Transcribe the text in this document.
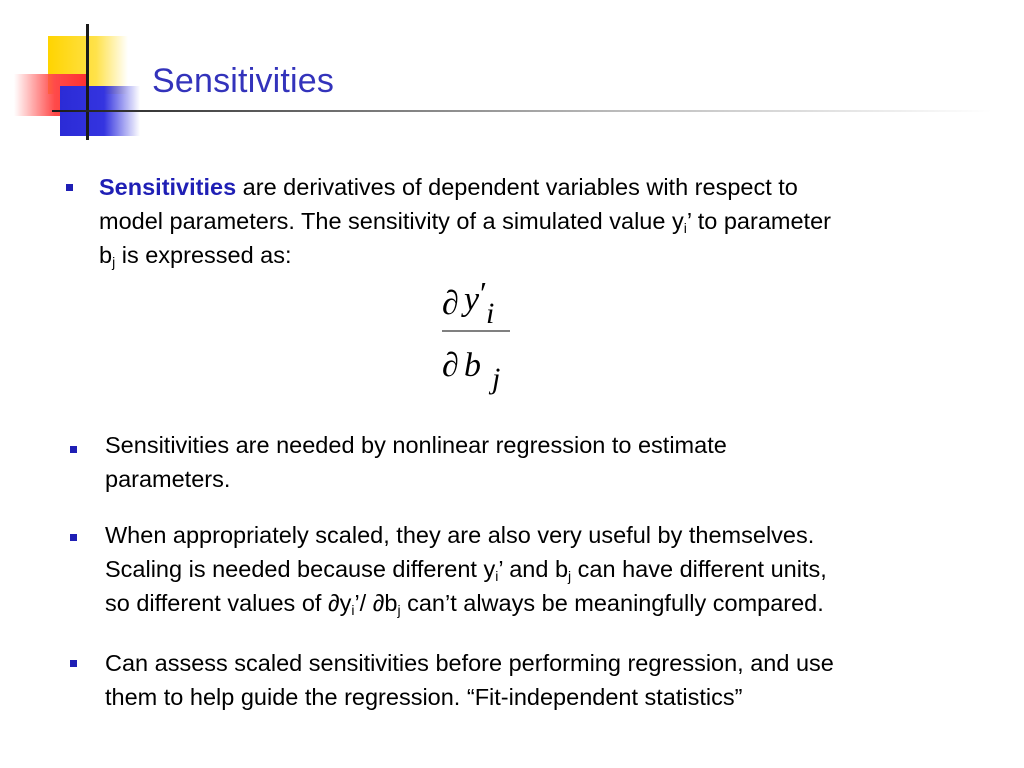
Sensitivities
Sensitivities are derivatives of dependent variables with respect to
model parameters. The sensitivity of a simulated value $y_i$’ to parameter
$b_j$ is expressed as:
∂ y ′
i
∂ b j
Sensitivities are needed by nonlinear regression to estimate
parameters.
When appropriately scaled, they are also very useful by themselves.
Scaling is needed because different $y_i$’ and $b_j$ can have different units,
so different values of $\partial y_i’/$ $\partial b_j$ can’t always be meaningfully compared.
Can assess scaled sensitivities before performing regression, and use
them to help guide the regression. “Fit-independent statistics”
